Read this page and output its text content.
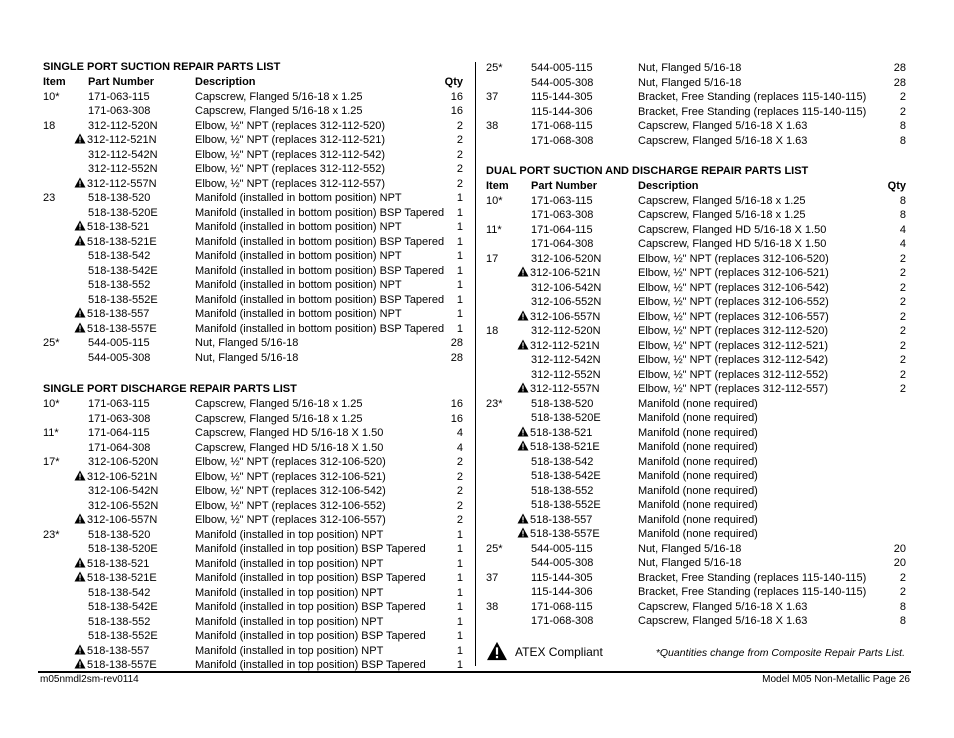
SINGLE PORT SUCTION REPAIR PARTS LIST
Item Part Number	Description	Qty
10*	171-063-115	Capscrew, Flanged 5/16-18 x 1.25	16
171-063-308	Capscrew, Flanged 5/16-18 x 1.25	16
18	312-112-520N	Elbow, ½" NPT (replaces 312-112-520)	2
312-112-521N	Elbow, ½" NPT (replaces 312-112-521)	2
312-112-542N	Elbow, ½" NPT (replaces 312-112-542)	2
312-112-552N	Elbow, ½" NPT (replaces 312-112-552)	2
312-112-557N	Elbow, ½" NPT (replaces 312-112-557)	2
23	518-138-520	Manifold (installed in bottom position) NPT	1
518-138-520E	Manifold (installed in bottom position) BSP Tapered 1
518-138-521	Manifold (installed in bottom position) NPT	1
518-138-521E	Manifold (installed in bottom position) BSP Tapered 1
518-138-542	Manifold (installed in bottom position) NPT	1
518-138-542E	Manifold (installed in bottom position) BSP Tapered 1
518-138-552	Manifold (installed in bottom position) NPT	1
518-138-552E	Manifold (installed in bottom position) BSP Tapered 1
518-138-557	Manifold (installed in bottom position) NPT	1
518-138-557E	Manifold (installed in bottom position) BSP Tapered 1
25*	544-005-115	Nut, Flanged 5/16-18	28
544-005-308	Nut, Flanged 5/16-18	28
SINGLE PORT DISCHARGE REPAIR PARTS LIST
10*	171-063-115	Capscrew, Flanged 5/16-18 x 1.25	16
171-063-308	Capscrew, Flanged 5/16-18 x 1.25	16
11*	171-064-115	Capscrew, Flanged HD 5/16-18 X 1.50	4
171-064-308	Capscrew, Flanged HD 5/16-18 X 1.50	4
17*	312-106-520N	Elbow, ½" NPT (replaces 312-106-520)	2
312-106-521N	Elbow, ½" NPT (replaces 312-106-521)	2
312-106-542N	Elbow, ½" NPT (replaces 312-106-542)	2
312-106-552N	Elbow, ½" NPT (replaces 312-106-552)	2
312-106-557N	Elbow, ½" NPT (replaces 312-106-557)	2
23*	518-138-520	Manifold (installed in top position) NPT	1
518-138-520E	Manifold (installed in top position) BSP Tapered	1
518-138-521	Manifold (installed in top position) NPT	1
518-138-521E	Manifold (installed in top position) BSP Tapered	1
518-138-542	Manifold (installed in top position) NPT	1
518-138-542E	Manifold (installed in top position) BSP Tapered	1
518-138-552	Manifold (installed in top position) NPT	1
518-138-552E	Manifold (installed in top position) BSP Tapered	1
518-138-557	Manifold (installed in top position) NPT	1
518-138-557E	Manifold (installed in top position) BSP Tapered	1
25*	544-005-115	Nut, Flanged 5/16-18	28
544-005-308	Nut, Flanged 5/16-18	28
37	115-144-305	Bracket, Free Standing (replaces 115-140-115)	2
115-144-306	Bracket, Free Standing (replaces 115-140-115)	2
38	171-068-115	Capscrew, Flanged 5/16-18 X 1.63	8
171-068-308	Capscrew, Flanged 5/16-18 X 1.63	8
DUAL PORT SUCTION AND DISCHARGE REPAIR PARTS LIST
Item Part Number	Description	Qty
10*	171-063-115	Capscrew, Flanged 5/16-18 x 1.25	8
171-063-308	Capscrew, Flanged 5/16-18 x 1.25	8
11*	171-064-115	Capscrew, Flanged HD 5/16-18 X 1.50	4
171-064-308	Capscrew, Flanged HD 5/16-18 X 1.50	4
17	312-106-520N	Elbow, ½" NPT (replaces 312-106-520)	2
312-106-521N	Elbow, ½" NPT (replaces 312-106-521)	2
312-106-542N	Elbow, ½" NPT (replaces 312-106-542)	2
312-106-552N	Elbow, ½" NPT (replaces 312-106-552)	2
312-106-557N	Elbow, ½" NPT (replaces 312-106-557)	2
18	312-112-520N	Elbow, ½" NPT (replaces 312-112-520)	2
312-112-521N	Elbow, ½" NPT (replaces 312-112-521)	2
312-112-542N	Elbow, ½" NPT (replaces 312-112-542)	2
312-112-552N	Elbow, ½" NPT (replaces 312-112-552)	2
312-112-557N	Elbow, ½" NPT (replaces 312-112-557)	2
23*	518-138-520	Manifold (none required)
518-138-520E	Manifold (none required)
518-138-521	Manifold (none required)
518-138-521E	Manifold (none required)
518-138-542	Manifold (none required)
518-138-542E	Manifold (none required)
518-138-552	Manifold (none required)
518-138-552E	Manifold (none required)
518-138-557	Manifold (none required)
518-138-557E	Manifold (none required)
25*	544-005-115	Nut, Flanged 5/16-18	20
544-005-308	Nut, Flanged 5/16-18	20
37	115-144-305	Bracket, Free Standing (replaces 115-140-115)	2
115-144-306	Bracket, Free Standing (replaces 115-140-115)	2
38	171-068-115	Capscrew, Flanged 5/16-18 X 1.63	8
171-068-308	Capscrew, Flanged 5/16-18 X 1.63	8
ATEX Compliant	*Quantities change from Composite Repair Parts List.
m05nmdl2sm-rev0114	Model M05 Non-Metallic Page 26
